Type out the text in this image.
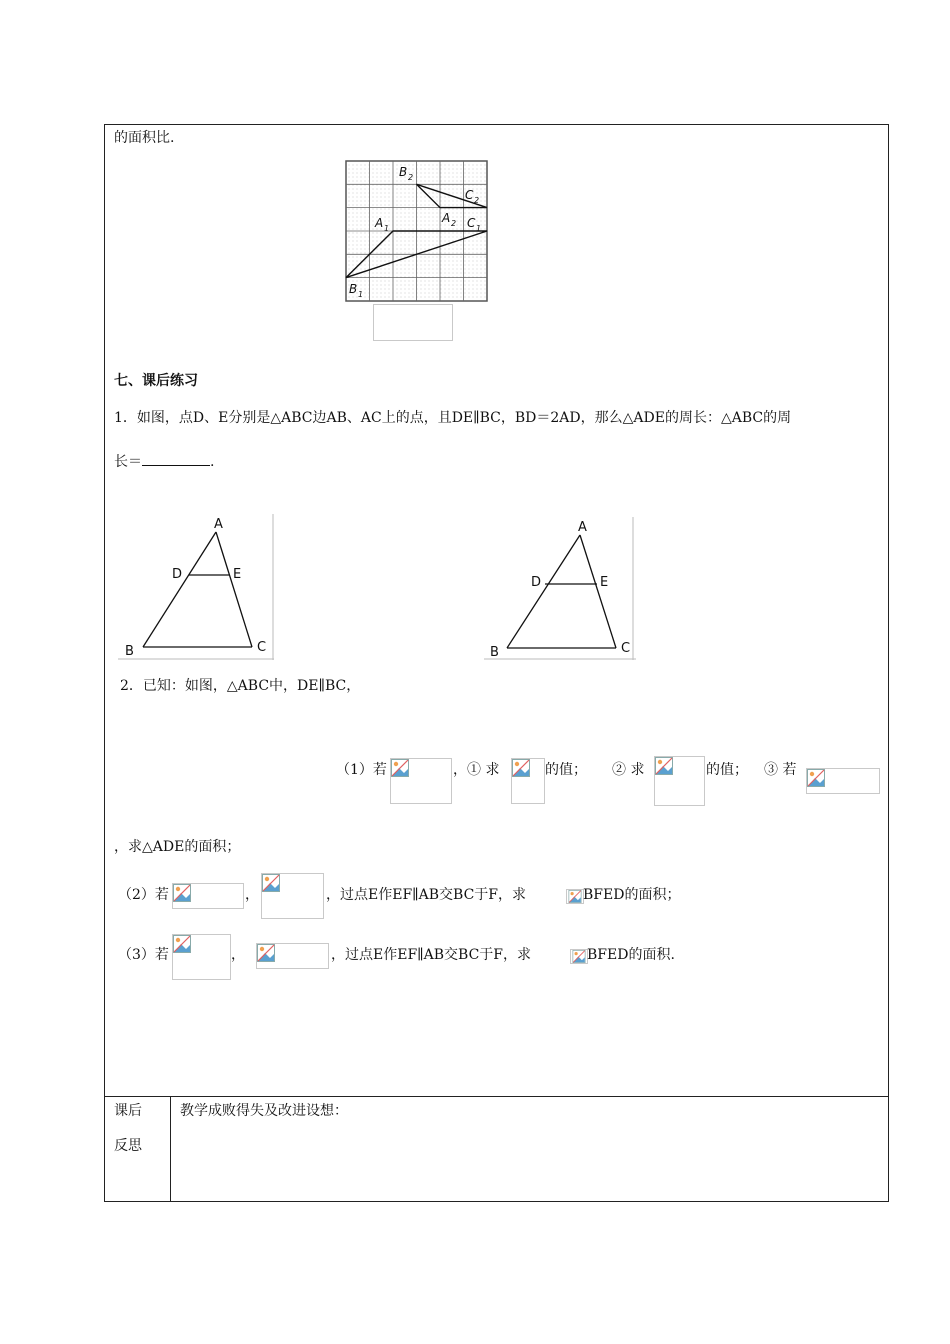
的面积比.
B 2
C 2
A 2
A 1	C 1
B 1
七、课后练习
1．如图，点D、E分别是△ABC边AB、AC上的点，且DE∥BC，BD＝2AD，那么△ADE的周长：△ABC的周
长＝	.
A
D	E
B	C
A
D	E
B	C
2．已知：如图，△ABC中，DE∥BC，
（1）若	，① 求	的值； ② 求	的值； ③ 若
，求△ADE的面积；
（2）若	，	，过点E作EF∥AB交BC于F，求	BFED的面积；
（3）若	，	，过点E作EF∥AB交BC于F，求	BFED的面积.
课后
反思
教学成败得失及改进设想：
